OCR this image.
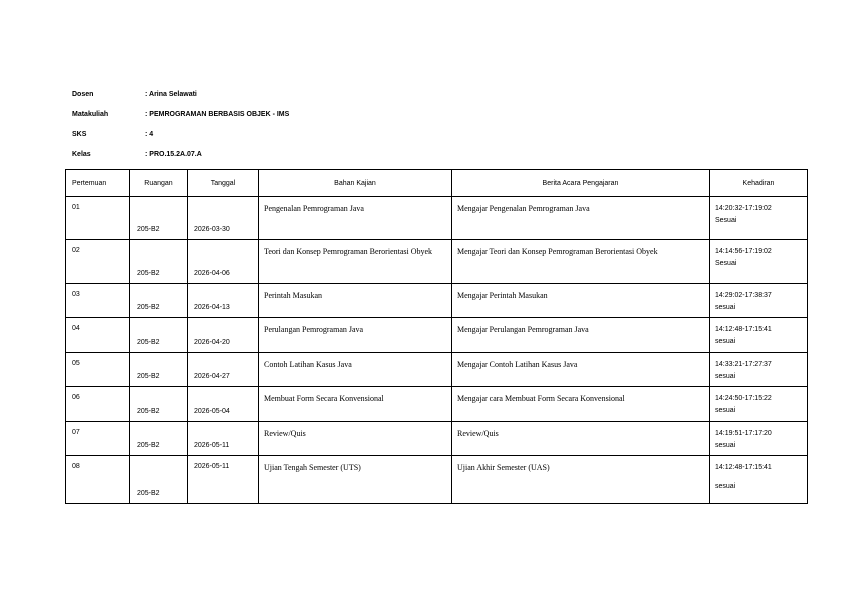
Dosen	: Arina Selawati
Matakuliah	: PEMROGRAMAN BERBASIS OBJEK - IMS
SKS	: 4
Kelas	: PRO.15.2A.07.A
Pertemuan	Ruangan	Tanggal	Bahan Kajian	Berita Acara Pengajaran	Kehadiran
01	205-B2	2026-03-30	Pengenalan Pemrograman Java	Mengajar Pengenalan Pemrograman Java	14:20:32-17:19:02
Sesuai

02	205-B2	2026-04-06	Teori dan Konsep Pemrograman Berorientasi Obyek	Mengajar Teori dan Konsep Pemrograman Berorientasi Obyek	14:14:56-17:19:02
Sesuai

03	205-B2	2026-04-13	Perintah Masukan	Mengajar Perintah Masukan	14:29:02-17:38:37
sesuai

04	205-B2	2026-04-20	Perulangan Pemrograman Java	Mengajar Perulangan Pemrograman Java	14:12:48-17:15:41
sesuai

05	205-B2	2026-04-27	Contoh Latihan Kasus Java	Mengajar Contoh Latihan Kasus Java	14:33:21-17:27:37
sesuai

06	205-B2	2026-05-04	Membuat Form Secara Konvensional	Mengajar cara Membuat Form Secara Konvensional	14:24:50-17:15:22
sesuai

07	205-B2	2026-05-11	Review/Quis	Review/Quis	14:19:51-17:17:20
sesuai

08	205-B2	2026-05-11	Ujian Tengah Semester (UTS)	Ujian Akhir Semester (UAS)	14:12:48-17:15:41
sesuai
